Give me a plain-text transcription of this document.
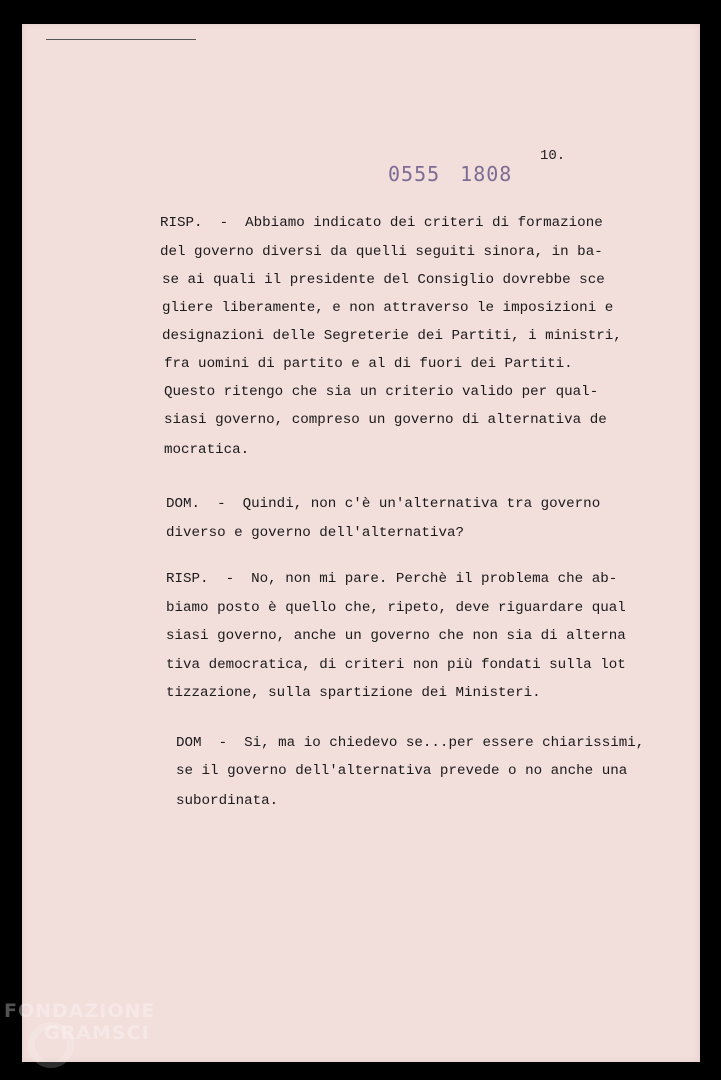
10.
0555 1808

RISP.  -  Abbiamo indicato dei criteri di formazione

del governo diversi da quelli seguiti sinora, in ba-

se ai quali il presidente del Consiglio dovrebbe sce

gliere liberamente, e non attraverso le imposizioni e

designazioni delle Segreterie dei Partiti, i ministri,

fra uomini di partito e al di fuori dei Partiti.

Questo ritengo che sia un criterio valido per qual-

siasi governo, compreso un governo di alternativa de

mocratica.

DOM.  -  Quindi, non c'è un'alternativa tra governo

diverso e governo dell'alternativa?

RISP.  -  No, non mi pare. Perchè il problema che ab-

biamo posto è quello che, ripeto, deve riguardare qual

siasi governo, anche un governo che non sia di alterna

tiva democratica, di criteri non più fondati sulla lot

tizzazione, sulla spartizione dei Ministeri.

DOM  -  Si, ma io chiedevo se...per essere chiarissimi,

se il governo dell'alternativa prevede o no anche una

subordinata.

FONDAZIONE
GRAMSCI
